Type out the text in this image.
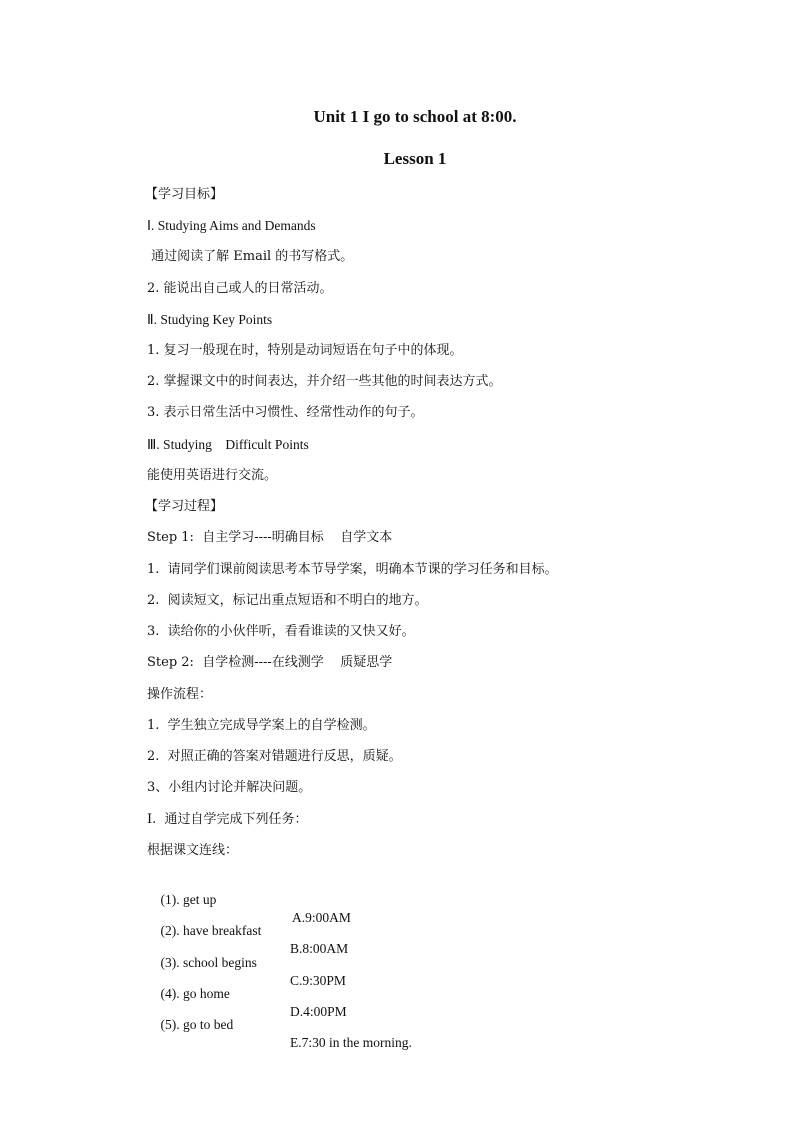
Unit 1 I go to school at 8:00.
Lesson 1
【学习目标】
Ⅰ. Studying Aims and Demands
通过阅读了解 Email 的书写格式。
2. 能说出自己或人的日常活动。
Ⅱ. Studying Key Points
1. 复习一般现在时，特别是动词短语在句子中的体现。
2. 掌握课文中的时间表达，并介绍一些其他的时间表达方式。
3. 表示日常生活中习惯性、经常性动作的句子。
Ⅲ. Studying    Difficult Points
能使用英语进行交流。
【学习过程】
Step 1:  自主学习----明确目标    自学文本
1.  请同学们课前阅读思考本节导学案，明确本节课的学习任务和目标。
2.  阅读短文，标记出重点短语和不明白的地方。
3.  读给你的小伙伴听，看看谁读的又快又好。
Step 2:  自学检测----在线测学    质疑思学
操作流程：
1.  学生独立完成导学案上的自学检测。
2.  对照正确的答案对错题进行反思，质疑。
3、小组内讨论并解决问题。
I.  通过自学完成下列任务：
根据课文连线：

(1). get up

A.9:00AM

(2). have breakfast

B.8:00AM

(3). school begins

C.9:30PM

(4). go home

D.4:00PM

(5). go to bed

E.7:30 in the morning.
